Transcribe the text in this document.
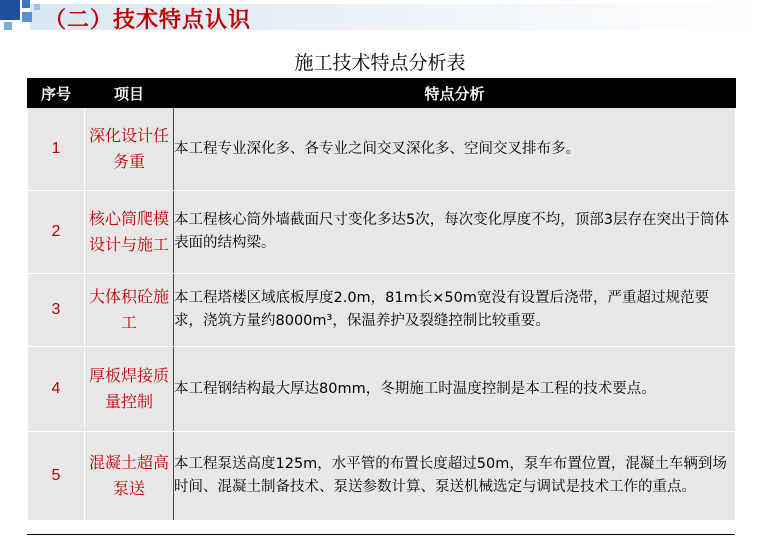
（二）技术特点认识
施工技术特点分析表
序号	项目	特点分析
1	深化设计任务重	本工程专业深化多、各专业之间交叉深化多、空间交叉排布多。
2	核心筒爬模设计与施工	本工程核心筒外墙截面尺寸变化多达5次，每次变化厚度不均，顶部3层存在突出于筒体表面的结构梁。
3	大体积砼施工	本工程塔楼区域底板厚度2.0m，81m长×50m宽没有设置后浇带，严重超过规范要求，浇筑方量约8000m³，保温养护及裂缝控制比较重要。
4	厚板焊接质量控制	本工程钢结构最大厚达80mm，冬期施工时温度控制是本工程的技术要点。
5	混凝土超高泵送	本工程泵送高度125m，水平管的布置长度超过50m，泵车布置位置，混凝土车辆到场时间、混凝土制备技术、泵送参数计算、泵送机械选定与调试是技术工作的重点。
